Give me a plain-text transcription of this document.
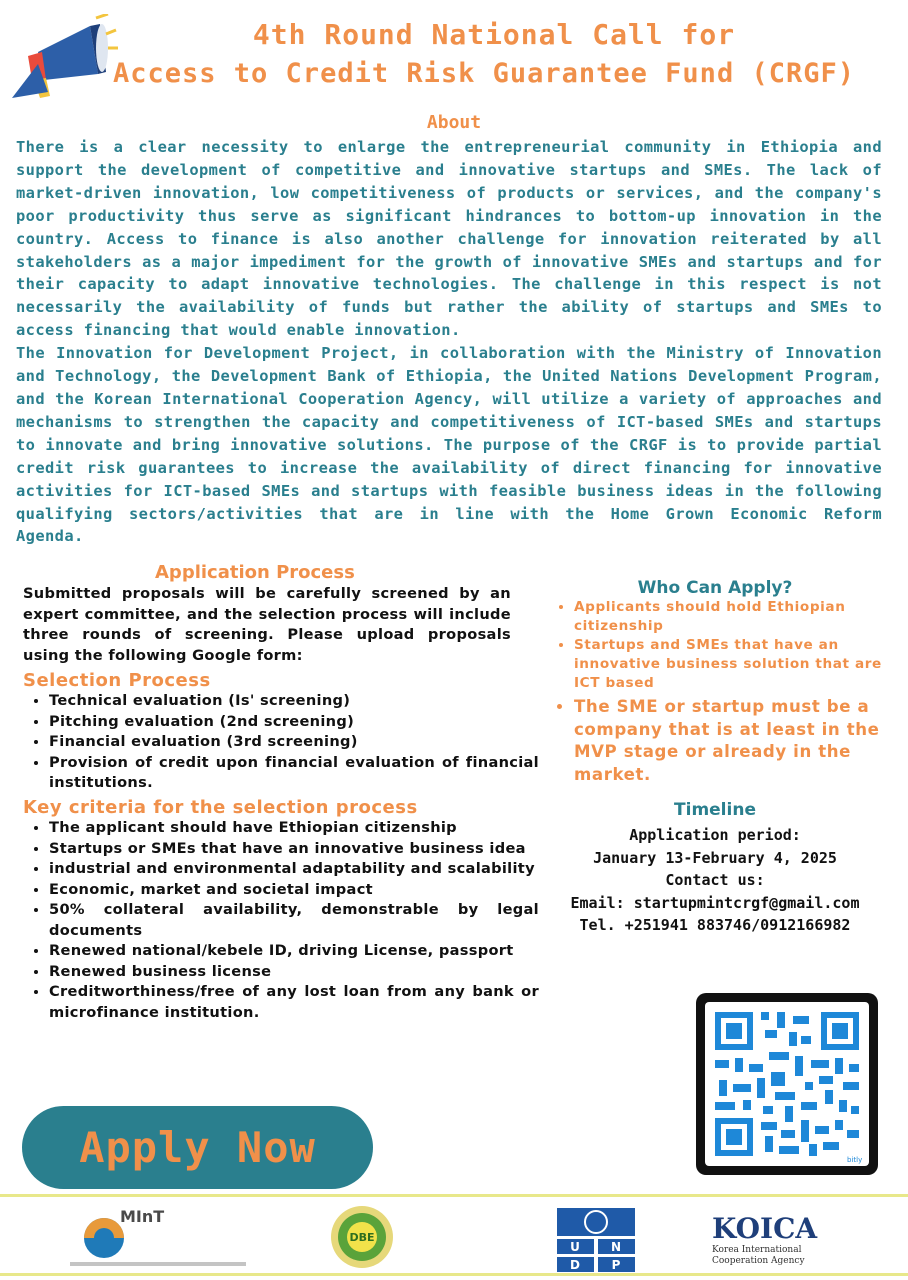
4th Round National Call for
Access to Credit Risk Guarantee Fund (CRGF)
About

There is a clear necessity to enlarge the entrepreneurial community in Ethiopia and support the development of competitive and innovative startups and SMEs. The lack of market-driven innovation, low competitiveness of products or services, and the company's poor productivity thus serve as significant hindrances to bottom-up innovation in the country. Access to finance is also another challenge for innovation reiterated by all stakeholders as a major impediment for the growth of innovative SMEs and startups and for their capacity to adapt innovative technologies. The challenge in this respect is not necessarily the availability of funds but rather the ability of startups and SMEs to access financing that would enable innovation.

The Innovation for Development Project, in collaboration with the Ministry of Innovation and Technology, the Development Bank of Ethiopia, the United Nations Development Program, and the Korean International Cooperation Agency, will utilize a variety of approaches and mechanisms to strengthen the capacity and competitiveness of ICT-based SMEs and startups to innovate and bring innovative solutions. The purpose of the CRGF is to provide partial credit risk guarantees to increase the availability of direct financing for innovative activities for ICT-based SMEs and startups with feasible business ideas in the following qualifying sectors/activities that are in line with the Home Grown Economic Reform Agenda.

Application Process
Submitted proposals will be carefully screened by an expert committee, and the selection process will include three rounds of screening. Please upload proposals using the following Google form:
Selection Process
• Technical evaluation (Is' screening)
• Pitching evaluation (2nd screening)
• Financial evaluation (3rd screening)
• Provision of credit upon financial evaluation of financial institutions.
Key criteria for the selection process
• The applicant should have Ethiopian citizenship
• Startups or SMEs that have an innovative business idea
• industrial and environmental adaptability and scalability
• Economic, market and societal impact
• 50% collateral availability, demonstrable by legal documents
• Renewed national/kebele ID, driving License, passport
• Renewed business license
• Creditworthiness/free of any lost loan from any bank or microfinance institution.
Who Can Apply?
• Applicants should hold Ethiopian citizenship
• Startups and SMEs that have an innovative business solution that are ICT based
• The SME or startup must be a company that is at least in the MVP stage or already in the market.
Timeline
Application period:
January 13-February 4, 2025
Contact us:
Email: startupmintcrgf@gmail.com
Tel. +251941 883746/0912166982
bitly
Apply Now
MInT
DBE
U	N
D	P
KOICA
Korea International
Cooperation Agency
